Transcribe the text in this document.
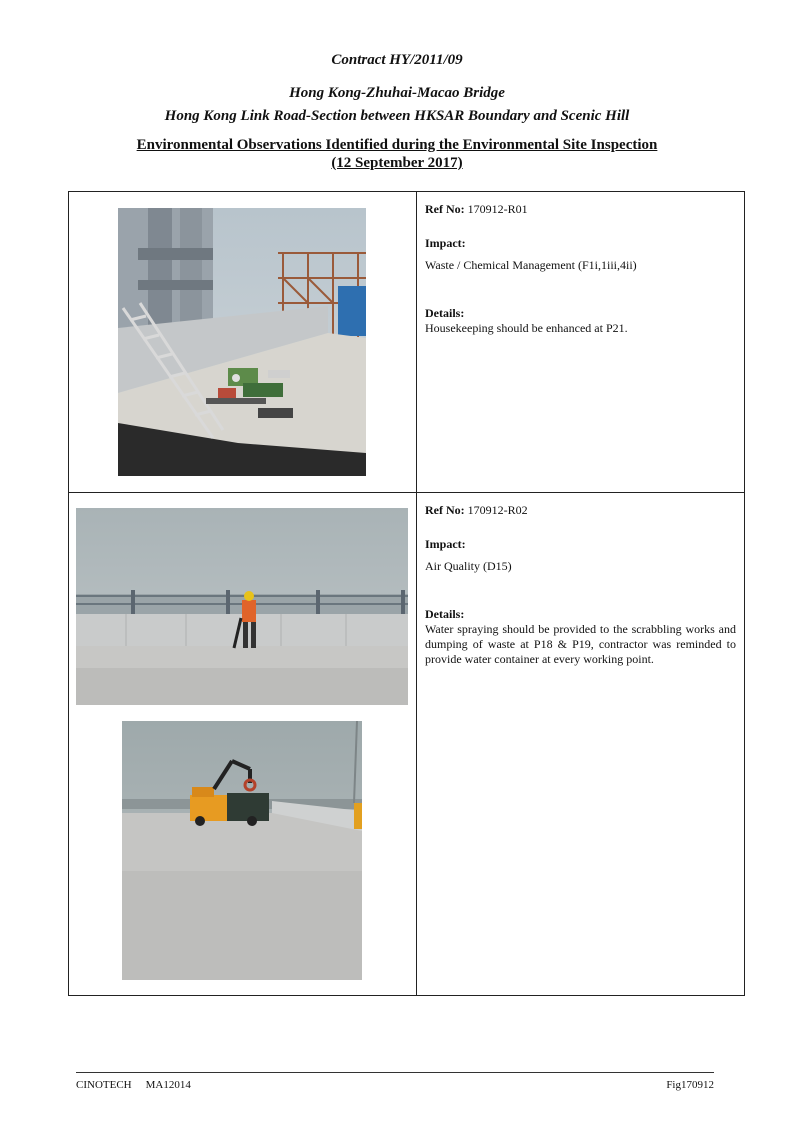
Contract HY/2011/09
Hong Kong-Zhuhai-Macao Bridge
Hong Kong Link Road-Section between HKSAR Boundary and Scenic Hill
Environmental Observations Identified during the Environmental Site Inspection
(12 September 2017)

	Ref No: 170912-R01
Impact:
Waste / Chemical Management (F1i,1iii,4ii)
Details:
Housekeeping should be enhanced at P21.

	Ref No: 170912-R02
Impact:
Air Quality (D15)
Details:
Water spraying should be provided to the scrabbling works and dumping of waste at P18 & P19, contractor was reminded to provide water container at every working point.
CINOTECH MA12014	Fig170912
